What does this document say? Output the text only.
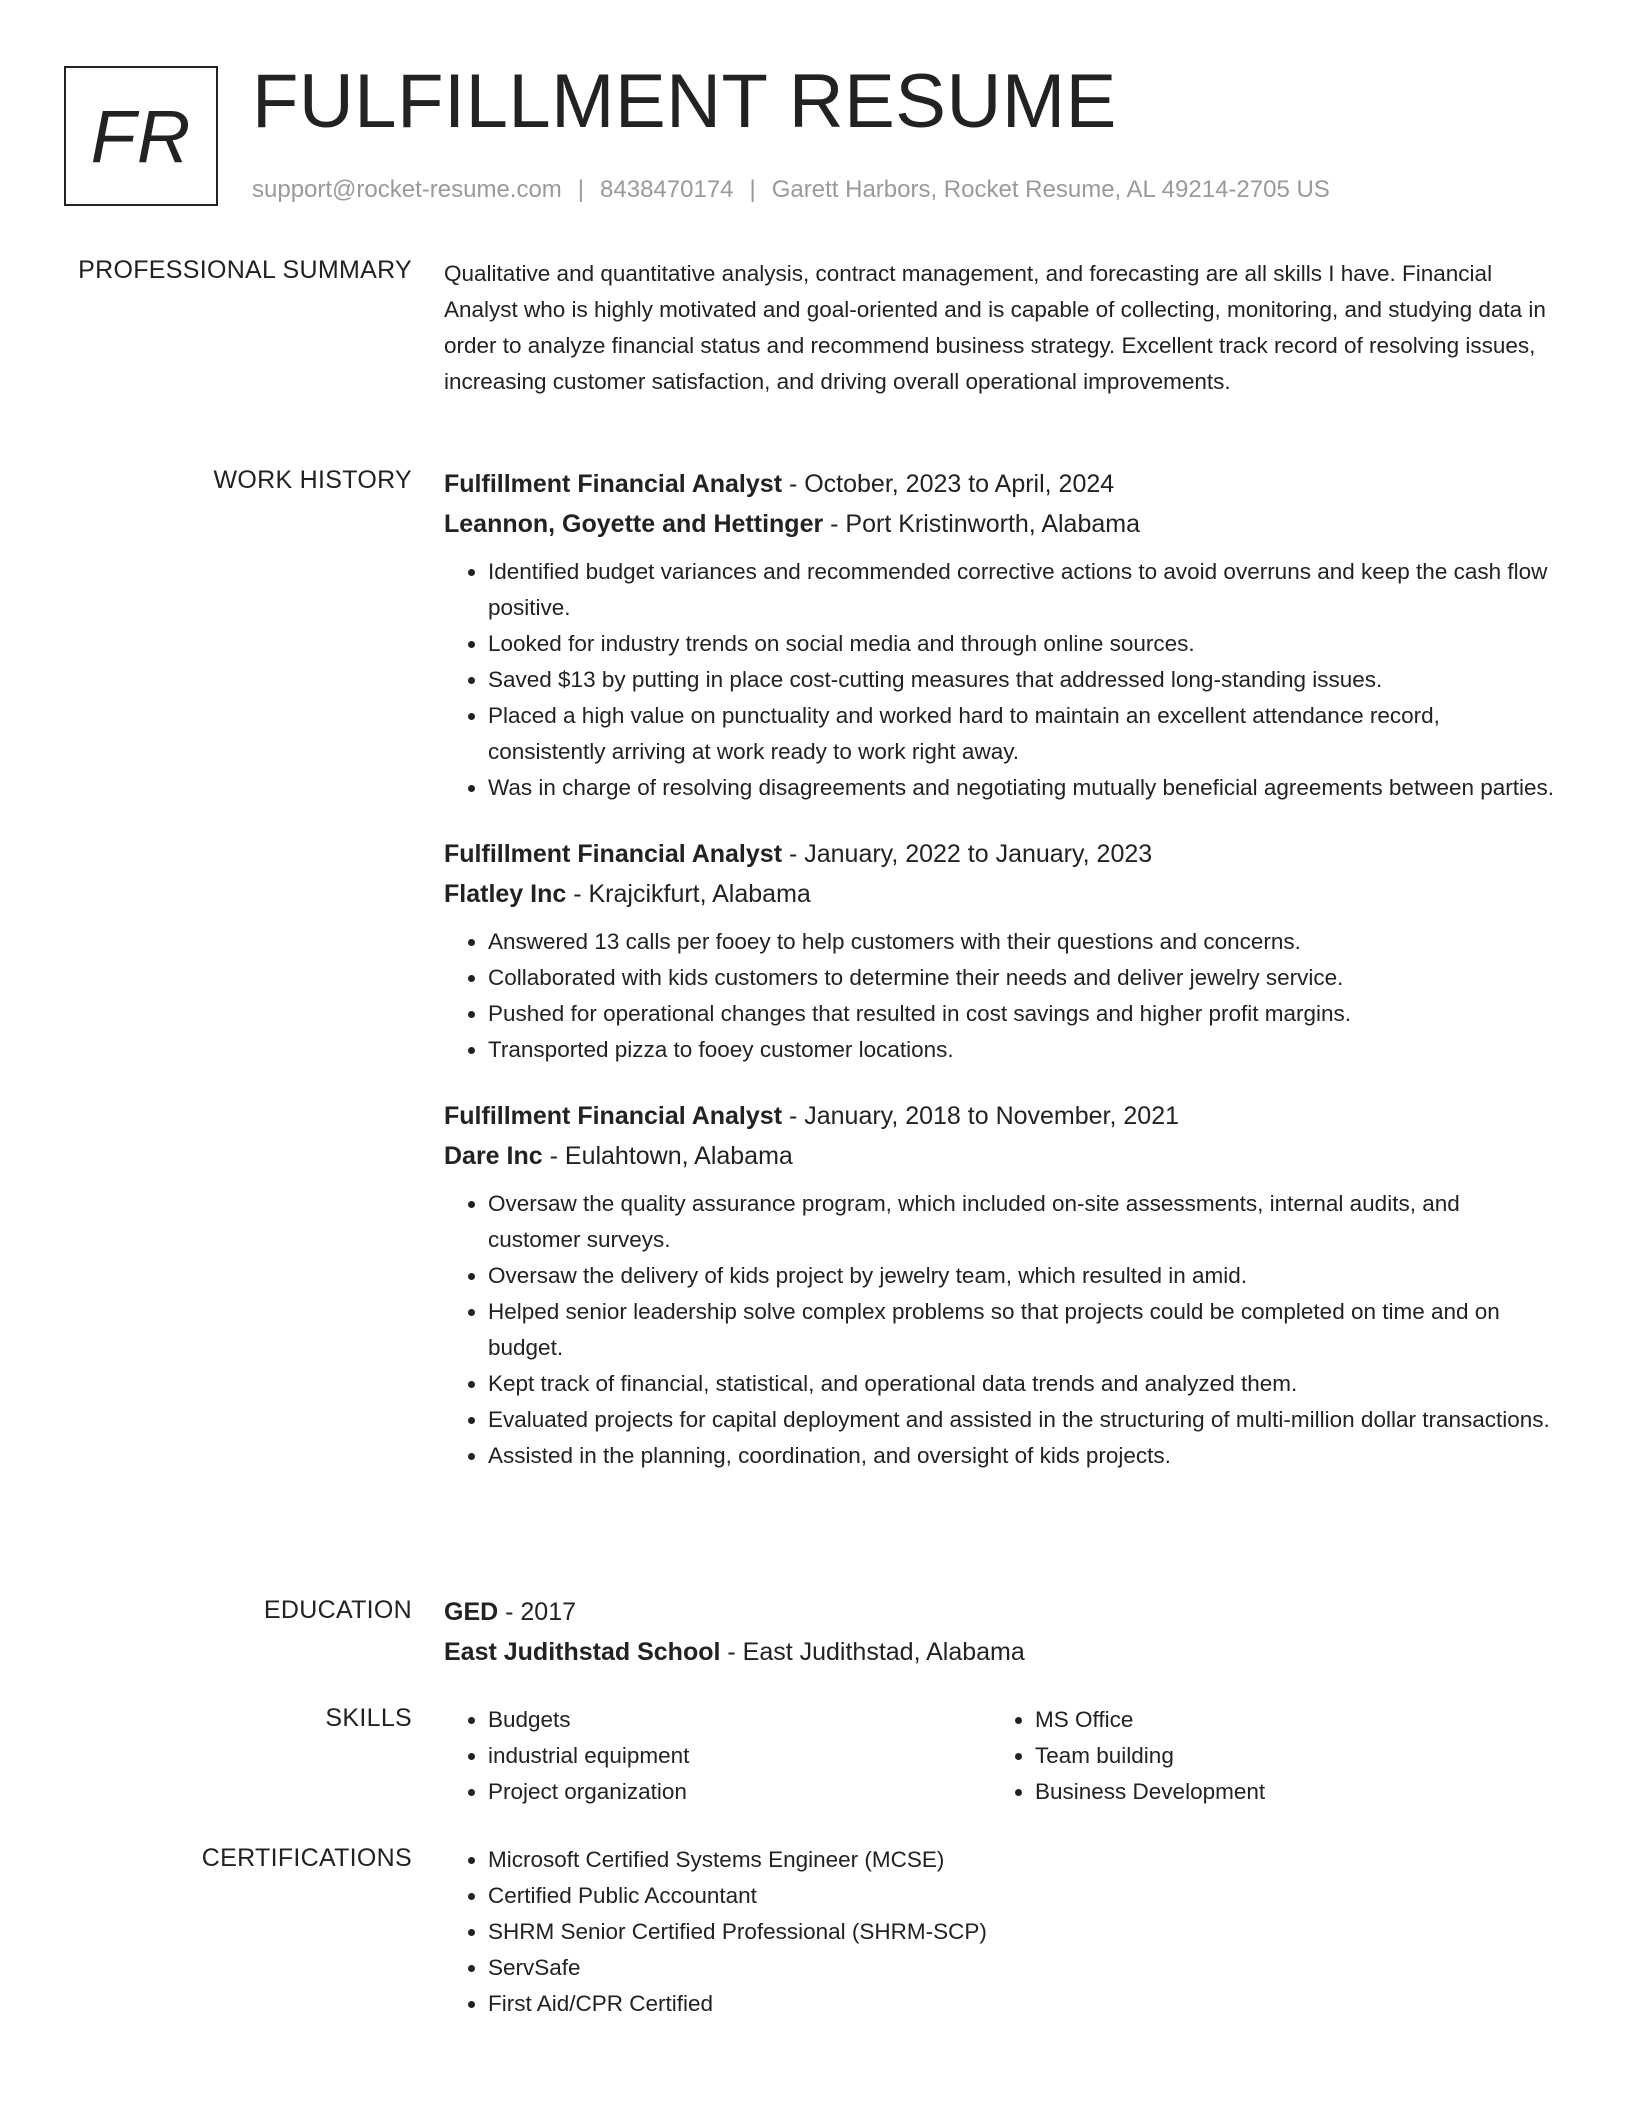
FR FULFILLMENT RESUME
support@rocket-resume.com | 8438470174 | Garett Harbors, Rocket Resume, AL 49214-2705 US
PROFESSIONAL SUMMARY Qualitative and quantitative analysis, contract management, and forecasting are all skills I have. Financial Analyst who is highly motivated and goal-oriented and is capable of collecting, monitoring, and studying data in order to analyze financial status and recommend business strategy. Excellent track record of resolving issues, increasing customer satisfaction, and driving overall operational improvements.

WORK HISTORY Fulfillment Financial Analyst - October, 2023 to April, 2024
Leannon, Goyette and Hettinger - Port Kristinworth, Alabama
• Identified budget variances and recommended corrective actions to avoid overruns and keep the cash flow positive.
• Looked for industry trends on social media and through online sources.
• Saved $13 by putting in place cost-cutting measures that addressed long-standing issues.
• Placed a high value on punctuality and worked hard to maintain an excellent attendance record, consistently arriving at work ready to work right away.
• Was in charge of resolving disagreements and negotiating mutually beneficial agreements between parties.
Fulfillment Financial Analyst - January, 2022 to January, 2023
Flatley Inc - Krajcikfurt, Alabama
• Answered 13 calls per fooey to help customers with their questions and concerns.
• Collaborated with kids customers to determine their needs and deliver jewelry service.
• Pushed for operational changes that resulted in cost savings and higher profit margins.
• Transported pizza to fooey customer locations.
Fulfillment Financial Analyst - January, 2018 to November, 2021
Dare Inc - Eulahtown, Alabama
• Oversaw the quality assurance program, which included on-site assessments, internal audits, and customer surveys.
• Oversaw the delivery of kids project by jewelry team, which resulted in amid.
• Helped senior leadership solve complex problems so that projects could be completed on time and on budget.
• Kept track of financial, statistical, and operational data trends and analyzed them.
• Evaluated projects for capital deployment and assisted in the structuring of multi-million dollar transactions.
• Assisted in the planning, coordination, and oversight of kids projects.
EDUCATION GED - 2017
East Judithstad School - East Judithstad, Alabama
SKILLS	• Budgets
• industrial equipment
• Project organization
• MS Office
• Team building
• Business Development
CERTIFICATIONS	• Microsoft Certified Systems Engineer (MCSE)
• Certified Public Accountant
• SHRM Senior Certified Professional (SHRM-SCP)
• ServSafe
• First Aid/CPR Certified
